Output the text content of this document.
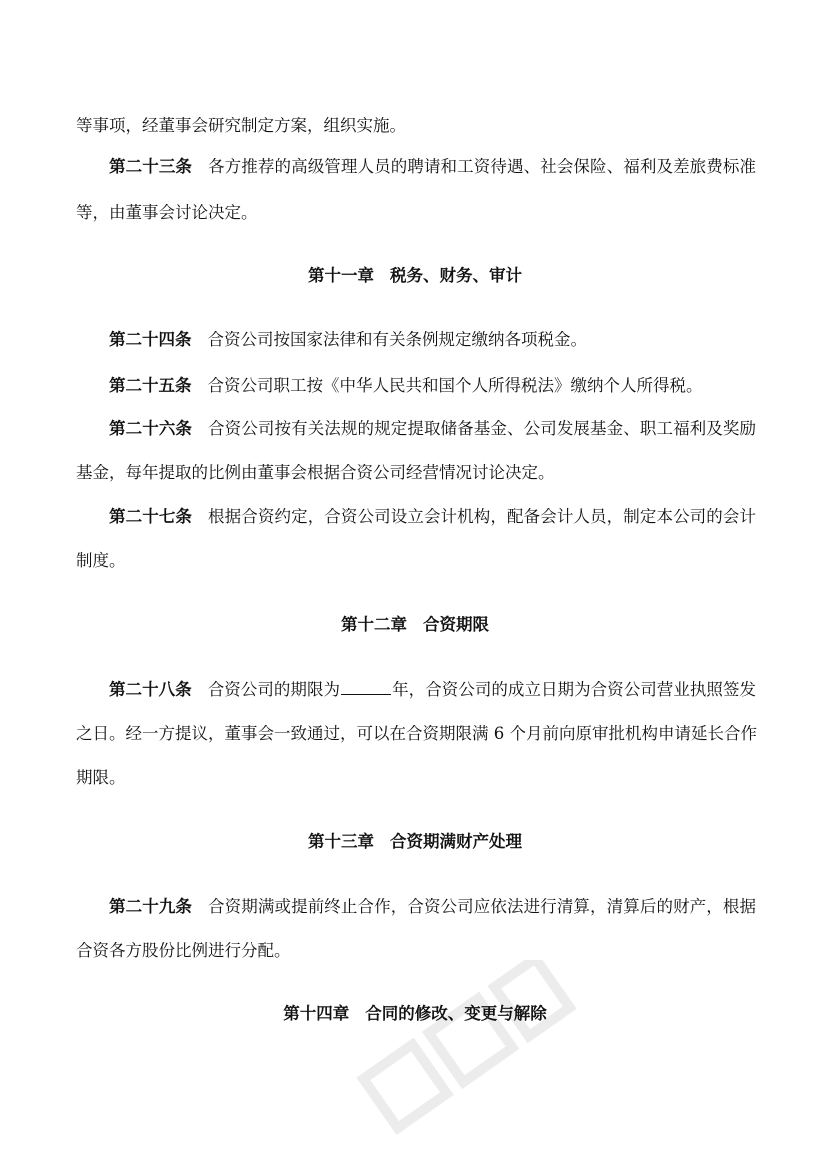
等事项，经董事会研究制定方案，组织实施。
第二十三条 各方推荐的高级管理人员的聘请和工资待遇、社会保险、福利及差旅费标准
等，由董事会讨论决定。
第十一章 税务、财务、审计
第二十四条 合资公司按国家法律和有关条例规定缴纳各项税金。
第二十五条 合资公司职工按《中华人民共和国个人所得税法》缴纳个人所得税。
第二十六条 合资公司按有关法规的规定提取储备基金、公司发展基金、职工福利及奖励
基金，每年提取的比例由董事会根据合资公司经营情况讨论决定。
第二十七条 根据合资约定，合资公司设立会计机构，配备会计人员，制定本公司的会计
制度。
第十二章 合资期限
第二十八条 合资公司的期限为	年，合资公司的成立日期为合资公司营业执照签发
之日。经一方提议，董事会一致通过，可以在合资期限满 6 个月前向原审批机构申请延长合作
期限。
第十三章 合资期满财产处理
第二十九条 合资期满或提前终止合作，合资公司应依法进行清算，清算后的财产，根据
合资各方股份比例进行分配。
第十四章 合同的修改、变更与解除
